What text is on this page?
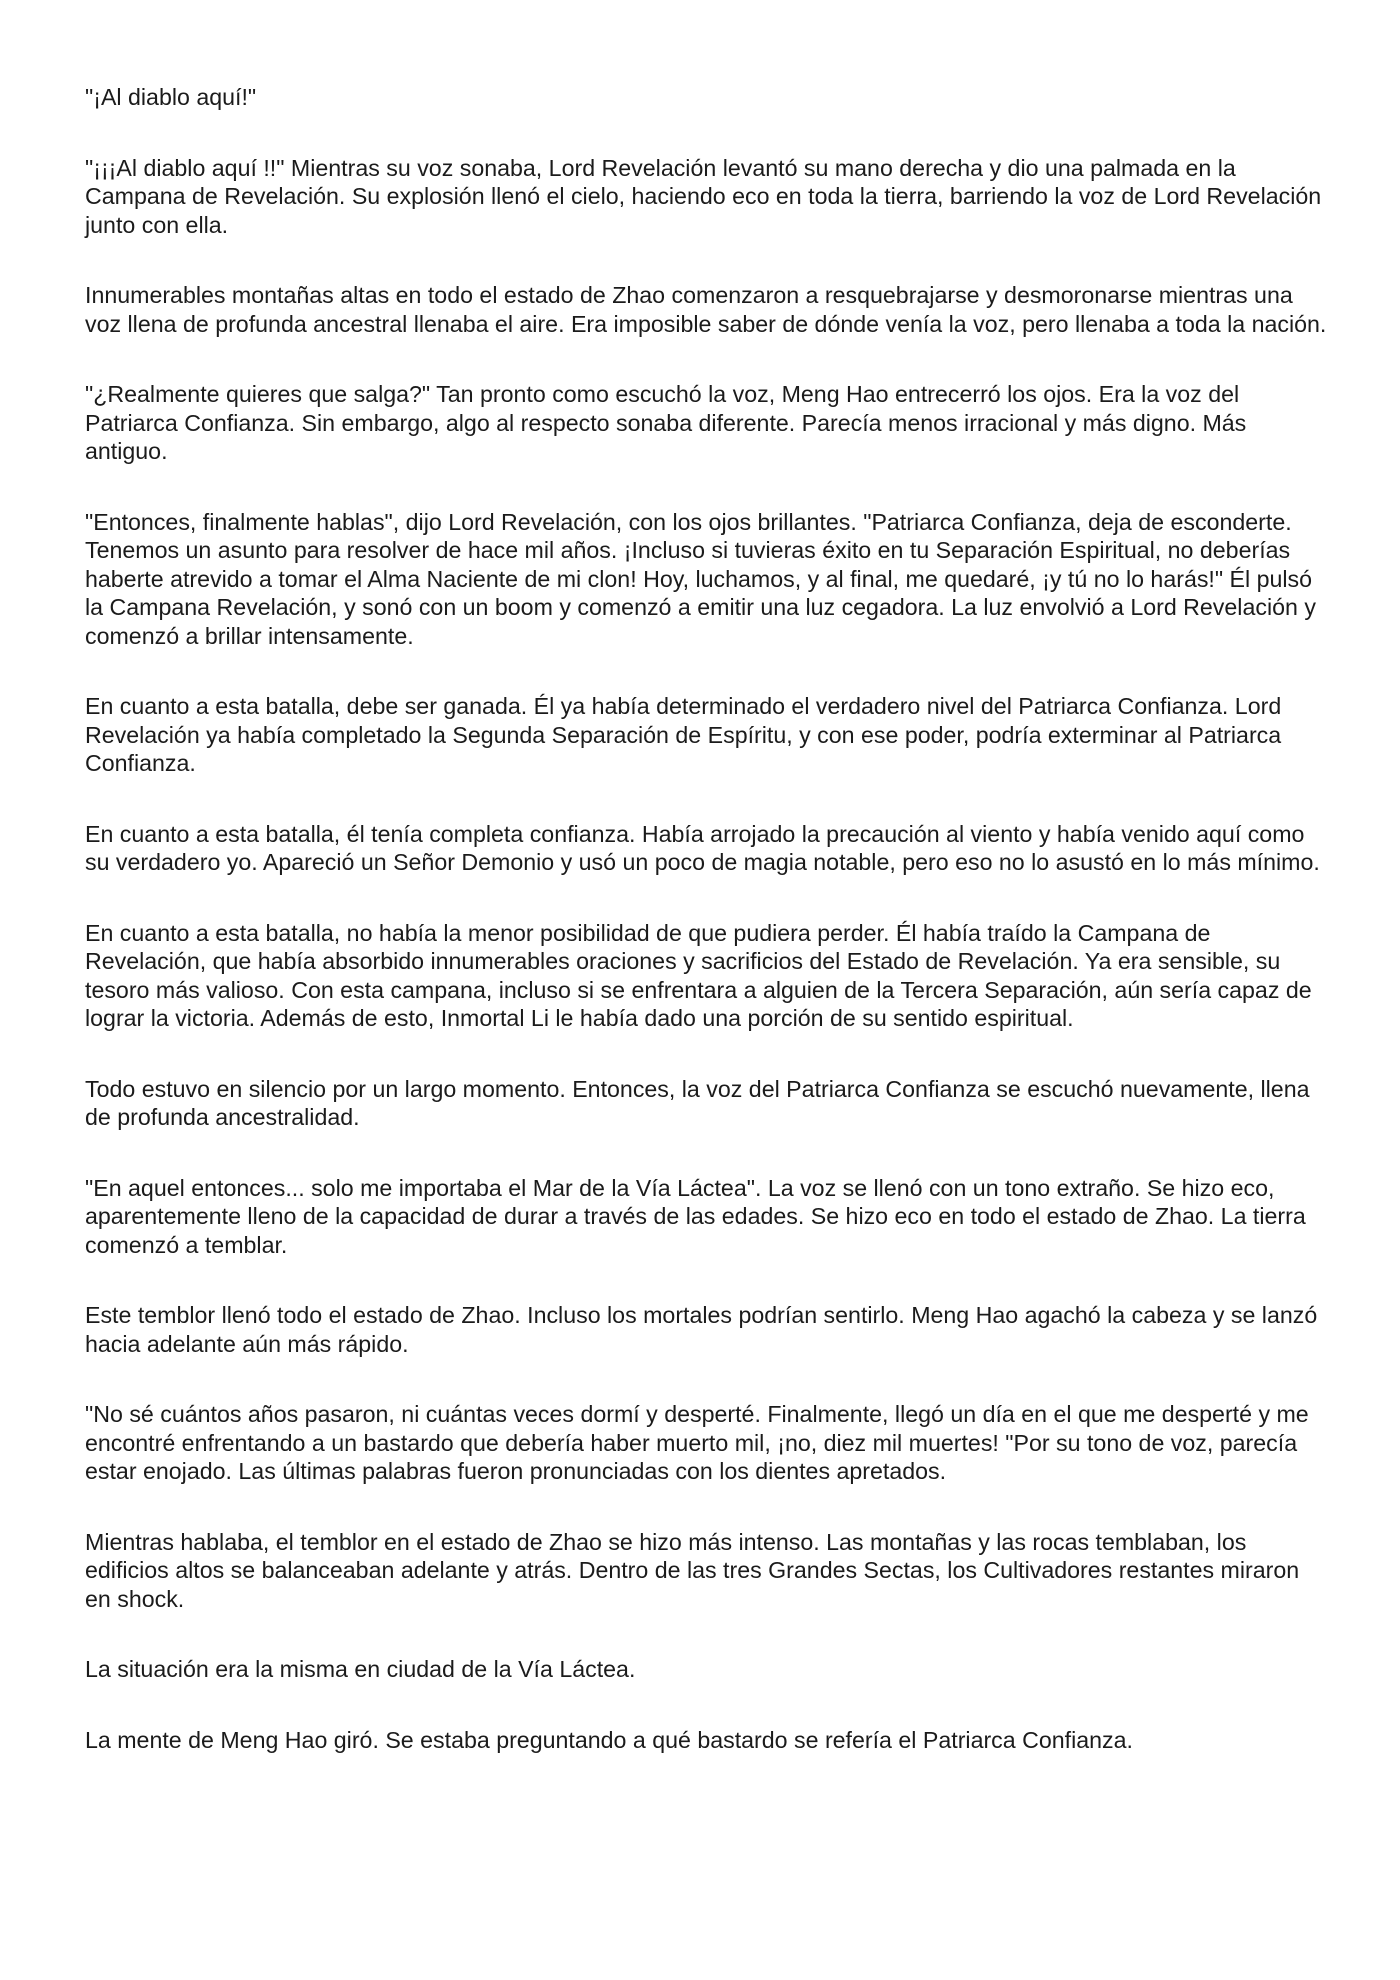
"¡Al diablo aquí!"

"¡¡¡Al diablo aquí !!" Mientras su voz sonaba, Lord Revelación levantó su mano derecha y dio una palmada en la Campana de Revelación. Su explosión llenó el cielo, haciendo eco en toda la tierra, barriendo la voz de Lord Revelación junto con ella.

Innumerables montañas altas en todo el estado de Zhao comenzaron a resquebrajarse y desmoronarse mientras una voz llena de profunda ancestral llenaba el aire. Era imposible saber de dónde venía la voz, pero llenaba a toda la nación.

"¿Realmente quieres que salga?" Tan pronto como escuchó la voz, Meng Hao entrecerró los ojos. Era la voz del Patriarca Confianza. Sin embargo, algo al respecto sonaba diferente. Parecía menos irracional y más digno. Más antiguo.

"Entonces, finalmente hablas", dijo Lord Revelación, con los ojos brillantes. "Patriarca Confianza, deja de esconderte. Tenemos un asunto para resolver de hace mil años. ¡Incluso si tuvieras éxito en tu Separación Espiritual, no deberías haberte atrevido a tomar el Alma Naciente de mi clon! Hoy, luchamos, y al final, me quedaré, ¡y tú no lo harás!" Él pulsó la Campana Revelación, y sonó con un boom y comenzó a emitir una luz cegadora. La luz envolvió a Lord Revelación y comenzó a brillar intensamente.

En cuanto a esta batalla, debe ser ganada. Él ya había determinado el verdadero nivel del Patriarca Confianza. Lord Revelación ya había completado la Segunda Separación de Espíritu, y con ese poder, podría exterminar al Patriarca Confianza.

En cuanto a esta batalla, él tenía completa confianza. Había arrojado la precaución al viento y había venido aquí como su verdadero yo. Apareció un Señor Demonio y usó un poco de magia notable, pero eso no lo asustó en lo más mínimo.

En cuanto a esta batalla, no había la menor posibilidad de que pudiera perder. Él había traído la Campana de Revelación, que había absorbido innumerables oraciones y sacrificios del Estado de Revelación. Ya era sensible, su tesoro más valioso. Con esta campana, incluso si se enfrentara a alguien de la Tercera Separación, aún sería capaz de lograr la victoria. Además de esto, Inmortal Li le había dado una porción de su sentido espiritual.

Todo estuvo en silencio por un largo momento. Entonces, la voz del Patriarca Confianza se escuchó nuevamente, llena de profunda ancestralidad.

"En aquel entonces... solo me importaba el Mar de la Vía Láctea". La voz se llenó con un tono extraño. Se hizo eco, aparentemente lleno de la capacidad de durar a través de las edades. Se hizo eco en todo el estado de Zhao. La tierra comenzó a temblar.

Este temblor llenó todo el estado de Zhao. Incluso los mortales podrían sentirlo. Meng Hao agachó la cabeza y se lanzó hacia adelante aún más rápido.

"No sé cuántos años pasaron, ni cuántas veces dormí y desperté. Finalmente, llegó un día en el que me desperté y me encontré enfrentando a un bastardo que debería haber muerto mil, ¡no, diez mil muertes! "Por su tono de voz, parecía estar enojado. Las últimas palabras fueron pronunciadas con los dientes apretados.

Mientras hablaba, el temblor en el estado de Zhao se hizo más intenso. Las montañas y las rocas temblaban, los edificios altos se balanceaban adelante y atrás. Dentro de las tres Grandes Sectas, los Cultivadores restantes miraron en shock.

La situación era la misma en ciudad de la Vía Láctea.

La mente de Meng Hao giró. Se estaba preguntando a qué bastardo se refería el Patriarca Confianza.
